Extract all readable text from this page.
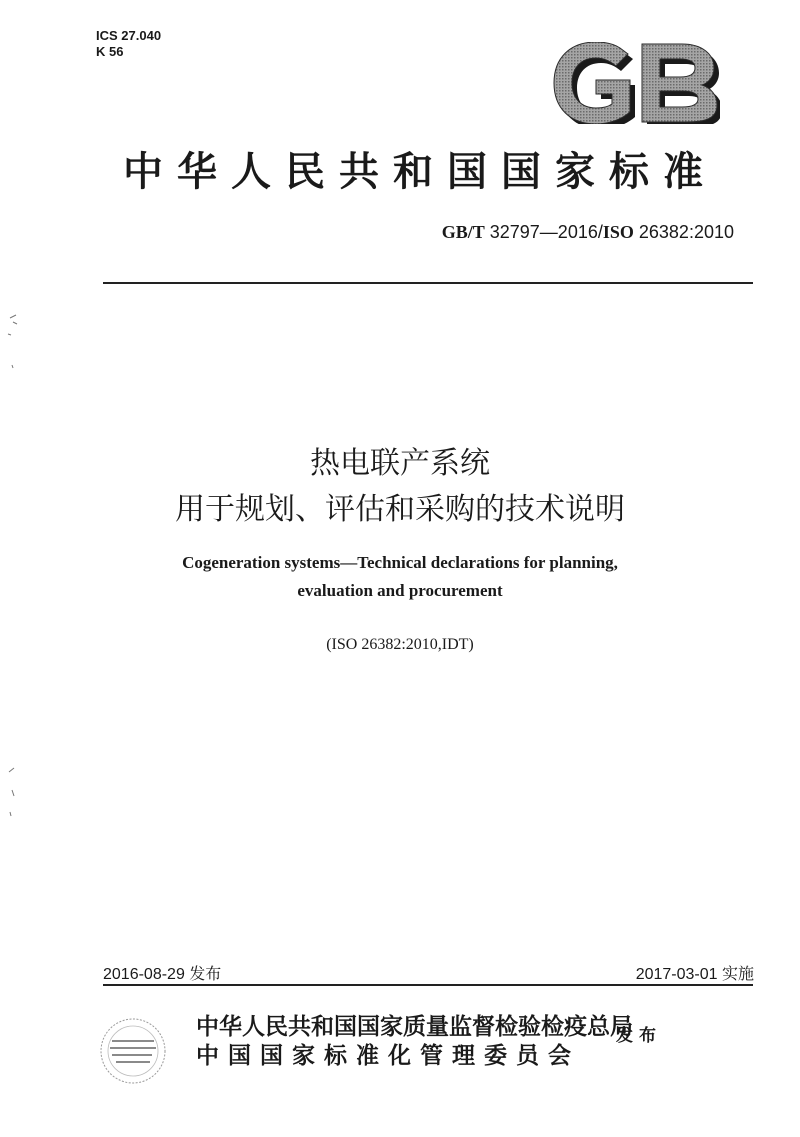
ICS 27.040
K 56
中华人民共和国国家标准
GB/T 32797—2016/ISO 26382:2010
热电联产系统
用于规划、评估和采购的技术说明
Cogeneration systems—Technical declarations for planning,
evaluation and procurement
(ISO 26382:2010,IDT)
2016-08-29 发布	2017-03-01 实施
中华人民共和国国家质量监督检验检疫总局
中国国家标准化管理委员会
发布
